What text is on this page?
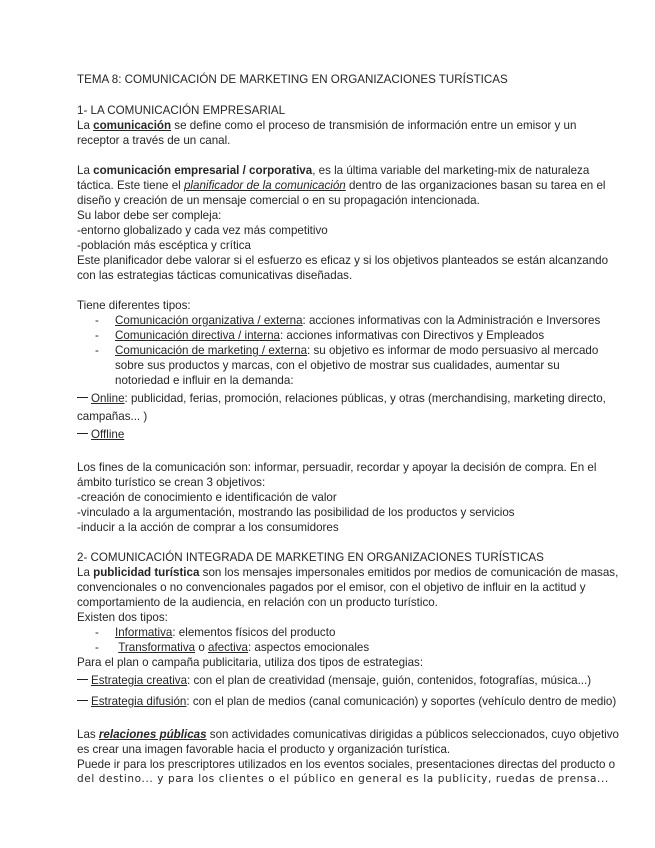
TEMA 8: COMUNICACIÓN DE MARKETING EN ORGANIZACIONES TURÍSTICAS
1- LA COMUNICACIÓN EMPRESARIAL
La comunicación se define como el proceso de transmisión de información entre un emisor y un
receptor a través de un canal.
La comunicación empresarial / corporativa, es la última variable del marketing-mix de naturaleza
táctica. Este tiene el planificador de la comunicación dentro de las organizaciones basan su tarea en el
diseño y creación de un mensaje comercial o en su propagación intencionada.
Su labor debe ser compleja:
-entorno globalizado y cada vez más competitivo
-población más escéptica y crítica
Este planificador debe valorar si el esfuerzo es eficaz y si los objetivos planteados se están alcanzando
con las estrategias tácticas comunicativas diseñadas.
Tiene diferentes tipos:
- Comunicación organizativa / externa: acciones informativas con la Administración e Inversores
- Comunicación directiva / interna: acciones informativas con Directivos y Empleados
- Comunicación de marketing / externa: su objetivo es informar de modo persuasivo al mercado
sobre sus productos y marcas, con el objetivo de mostrar sus cualidades, aumentar su
notoriedad e influir en la demanda:
Online: publicidad, ferias, promoción, relaciones públicas, y otras (merchandising, marketing directo,
campañas... )
Offline
Los fines de la comunicación son: informar, persuadir, recordar y apoyar la decisión de compra. En el
ámbito turístico se crean 3 objetivos:
-creación de conocimiento e identificación de valor
-vinculado a la argumentación, mostrando las posibilidad de los productos y servicios
-inducir a la acción de comprar a los consumidores
2- COMUNICACIÓN INTEGRADA DE MARKETING EN ORGANIZACIONES TURÍSTICAS
La publicidad turística son los mensajes impersonales emitidos por medios de comunicación de masas,
convencionales o no convencionales pagados por el emisor, con el objetivo de influir en la actitud y
comportamiento de la audiencia, en relación con un producto turístico.
Existen dos tipos:
- Informativa: elementos físicos del producto
- Transformativa o afectiva: aspectos emocionales
Para el plan o campaña publicitaria, utiliza dos tipos de estrategias:
Estrategia creativa: con el plan de creatividad (mensaje, guión, contenidos, fotografías, música...)
Estrategia difusión: con el plan de medios (canal comunicación) y soportes (vehículo dentro de medio)
Las relaciones públicas son actividades comunicativas dirigidas a públicos seleccionados, cuyo objetivo
es crear una imagen favorable hacia el producto y organización turística.
Puede ir para los prescriptores utilizados en los eventos sociales, presentaciones directas del producto o
del destino... y para los clientes o el público en general es la publicity, ruedas de prensa...
